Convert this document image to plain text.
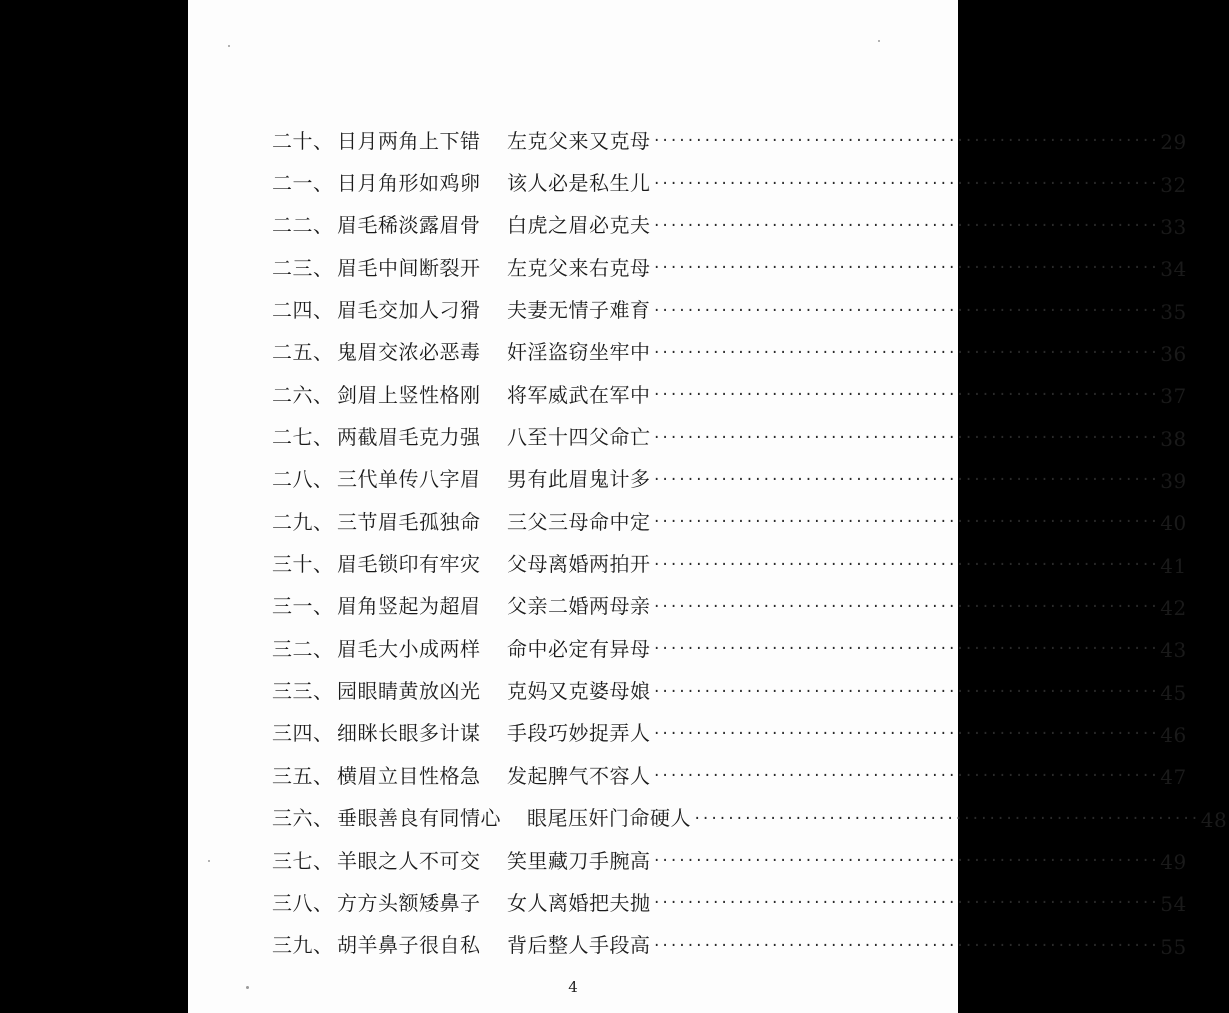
二十、 日月两角上下错	左克父来又克母 ···························································· 29
二一、 日月角形如鸡卵	该人必是私生儿 ···························································· 32
二二、 眉毛稀淡露眉骨	白虎之眉必克夫 ···························································· 33
二三、 眉毛中间断裂开	左克父来右克母 ···························································· 34
二四、 眉毛交加人刁猾	夫妻无情子难育 ···························································· 35
二五、 鬼眉交浓必恶毒	奸淫盗窃坐牢中 ···························································· 36
二六、 剑眉上竖性格刚	将军威武在军中 ···························································· 37
二七、 两截眉毛克力强	八至十四父命亡 ···························································· 38
二八、 三代单传八字眉	男有此眉鬼计多 ···························································· 39
二九、 三节眉毛孤独命	三父三母命中定 ···························································· 40
三十、 眉毛锁印有牢灾	父母离婚两拍开 ···························································· 41
三一、 眉角竖起为超眉	父亲二婚两母亲 ···························································· 42
三二、 眉毛大小成两样	命中必定有异母 ···························································· 43
三三、 园眼睛黄放凶光	克妈又克婆母娘 ···························································· 45
三四、 细眯长眼多计谋	手段巧妙捉弄人 ···························································· 46
三五、 横眉立目性格急	发起脾气不容人 ···························································· 47
三六、 垂眼善良有同情心	眼尾压奸门命硬人 ···························································· 48
三七、 羊眼之人不可交	笑里藏刀手腕高 ···························································· 49
三八、 方方头额矮鼻子	女人离婚把夫抛 ···························································· 54
三九、 胡羊鼻子很自私	背后整人手段高 ···························································· 55
4
